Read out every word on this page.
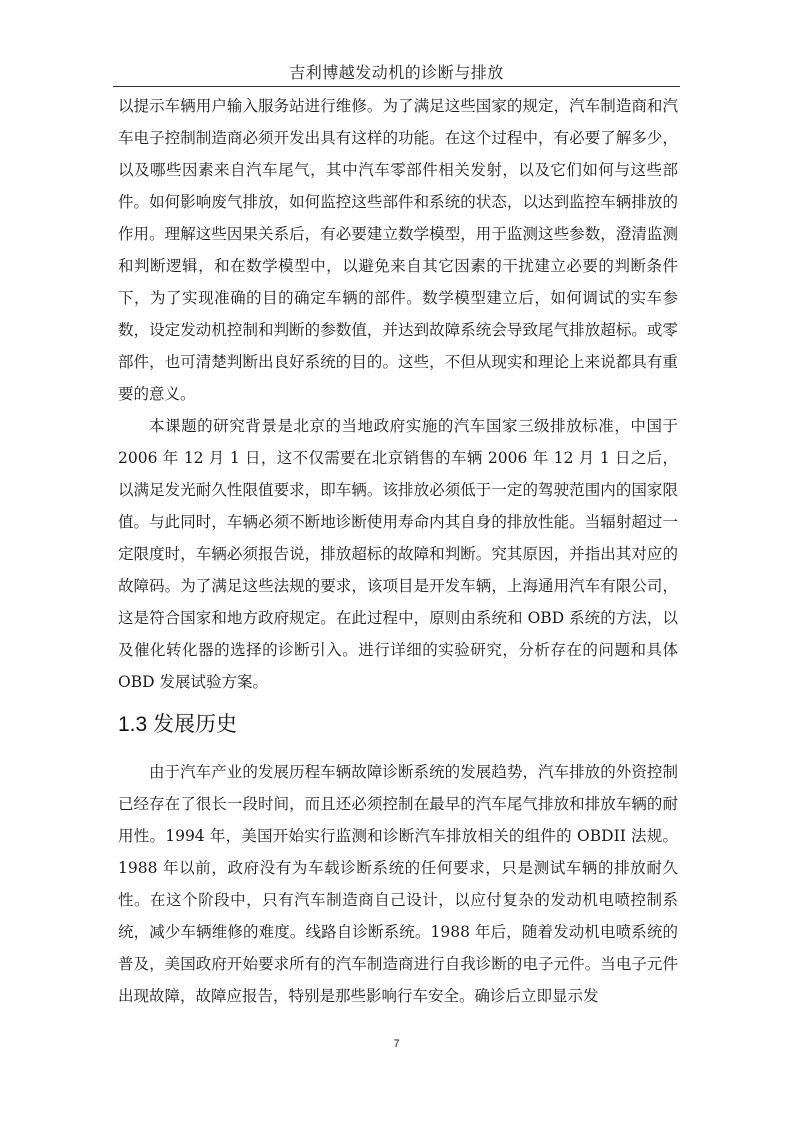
吉利博越发动机的诊断与排放

以提示车辆用户输入服务站进行维修。为了满足这些国家的规定，汽车制造商和汽车电子控制制造商必须开发出具有这样的功能。在这个过程中，有必要了解多少，以及哪些因素来自汽车尾气，其中汽车零部件相关发射，以及它们如何与这些部件。如何影响废气排放，如何监控这些部件和系统的状态，以达到监控车辆排放的作用。理解这些因果关系后，有必要建立数学模型，用于监测这些参数，澄清监测和判断逻辑，和在数学模型中，以避免来自其它因素的干扰建立必要的判断条件下，为了实现准确的目的确定车辆的部件。数学模型建立后，如何调试的实车参数，设定发动机控制和判断的参数值，并达到故障系统会导致尾气排放超标。或零部件，也可清楚判断出良好系统的目的。这些，不但从现实和理论上来说都具有重要的意义。

本课题的研究背景是北京的当地政府实施的汽车国家三级排放标准，中国于2006 年 12 月 1 日，这不仅需要在北京销售的车辆 2006 年 12 月 1 日之后，以满足发光耐久性限值要求，即车辆。该排放必须低于一定的驾驶范围内的国家限值。与此同时，车辆必须不断地诊断使用寿命内其自身的排放性能。当辐射超过一定限度时，车辆必须报告说，排放超标的故障和判断。究其原因，并指出其对应的故障码。为了满足这些法规的要求，该项目是开发车辆，上海通用汽车有限公司，这是符合国家和地方政府规定。在此过程中，原则由系统和 OBD 系统的方法，以及催化转化器的选择的诊断引入。进行详细的实验研究，分析存在的问题和具体 OBD 发展试验方案。

1.3 发展历史

由于汽车产业的发展历程车辆故障诊断系统的发展趋势，汽车排放的外资控制已经存在了很长一段时间，而且还必须控制在最早的汽车尾气排放和排放车辆的耐用性。1994 年，美国开始实行监测和诊断汽车排放相关的组件的 OBDII 法规。1988 年以前，政府没有为车载诊断系统的任何要求，只是测试车辆的排放耐久性。在这个阶段中，只有汽车制造商自己设计，以应付复杂的发动机电喷控制系统，减少车辆维修的难度。线路自诊断系统。1988 年后，随着发动机电喷系统的普及，美国政府开始要求所有的汽车制造商进行自我诊断的电子元件。当电子元件出现故障，故障应报告，特别是那些影响行车安全。确诊后立即显示发

7
